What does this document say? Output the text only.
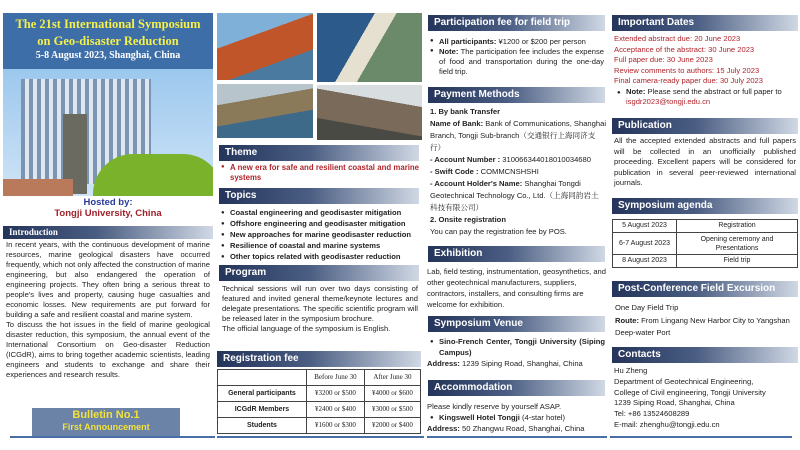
The 21st International Symposium
on Geo-disaster Reduction
5-8 August 2023, Shanghai, China
Hosted by:
Tongji University, China
Introduction
In recent years, with the continuous development of marine resources, marine geological disasters have occurred frequently, which not only affected the construction of marine engineering, but also endangered the operation of engineering projects. They often bring a serious threat to people's lives and property, causing huge casualties and economic losses. New requirements are put forward for building a safe and resilient coastal and marine system.
To discuss the hot issues in the field of marine geological disaster reduction, this symposium, the annual event of the International Consortium on Geo-disaster Reduction (ICGdR), aims to bring together academic scientists, leading engineers and students to exchange and share their experiences and research results.
Bulletin No.1
First Announcement
Theme
● A new era for safe and resilient coastal and marine systems
Topics
● Coastal engineering and geodisaster mitigation
● Offshore engineering and geodisaster mitigation
● New approaches for marine geodisaster reduction
● Resilience of coastal and marine systems
● Other topics related with geodisaster reduction
Program
Technical sessions will run over two days consisting of featured and invited general theme/keynote lectures and delegate presentations. The specific scientific program will be released later in the symposium brochure.
The official language of the symposium is English.
Registration fee
	Before June 30	After June 30
General participants	¥3200 or $500	¥4000 or $600
ICGdR Members	¥2400 or $400	¥3000 or $500
Students	¥1600 or $300	¥2000 or $400
Participation fee for field trip
● All participants: ¥1200 or $200 per person
● Note: The participation fee includes the expense of food and transportation during the one-day field trip.
Payment Methods
1. By bank Transfer
Name of Bank: Bank of Communications, Shanghai Branch, Tongji Sub-branch（交通银行上海同济支行）
- Account Number : 310066344018010034680
- Swift Code : COMMCNSHSHI
- Account Holder's Name: Shanghai Tongdi Geotechnical Technology Co., Ltd.（上海同韵岩土科技有限公司）
2. Onsite registration
You can pay the registration fee by POS.
Exhibition
Lab, field testing, instrumentation, geosynthetics, and other geotechnical manufacturers, suppliers, contractors, installers, and consulting firms are welcome for exhibition.
Symposium Venue
● Sino-French Center, Tongji University (Siping Campus)
Address: 1239 Siping Road, Shanghai, China
Accommodation
Please kindly reserve by yourself ASAP.
● Kingswell Hotel Tongji (4-star hotel)
Address: 50 Zhangwu Road, Shanghai, China
Important Dates
Extended abstract due: 20 June 2023
Acceptance of the abstract: 30 June 2023
Full paper due: 30 June 2023
Review comments to authors: 15 July 2023
Final camera-ready paper due: 30 July 2023
● Note: Please send the abstract or full paper to isgdr2023@tongji.edu.cn
Publication
All the accepted extended abstracts and full papers will be collected in an unofficially published proceeding. Excellent papers will be considered for publication in several peer-reviewed international journals.
Symposium agenda
5 August 2023	Registration
6-7 August 2023	Opening ceremony and Presentations
8 August 2023	Field trip
Post-Conference Field Excursion
One Day Field Trip
Route: From Lingang New Harbor City to Yangshan Deep-water Port
Contacts
Hu Zheng
Department of Geotechnical Engineering,
College of Civil engineering, Tongji University
1239 Siping Road, Shanghai, China
Tel: +86 13524608289
E-mail: zhenghu@tongji.edu.cn
